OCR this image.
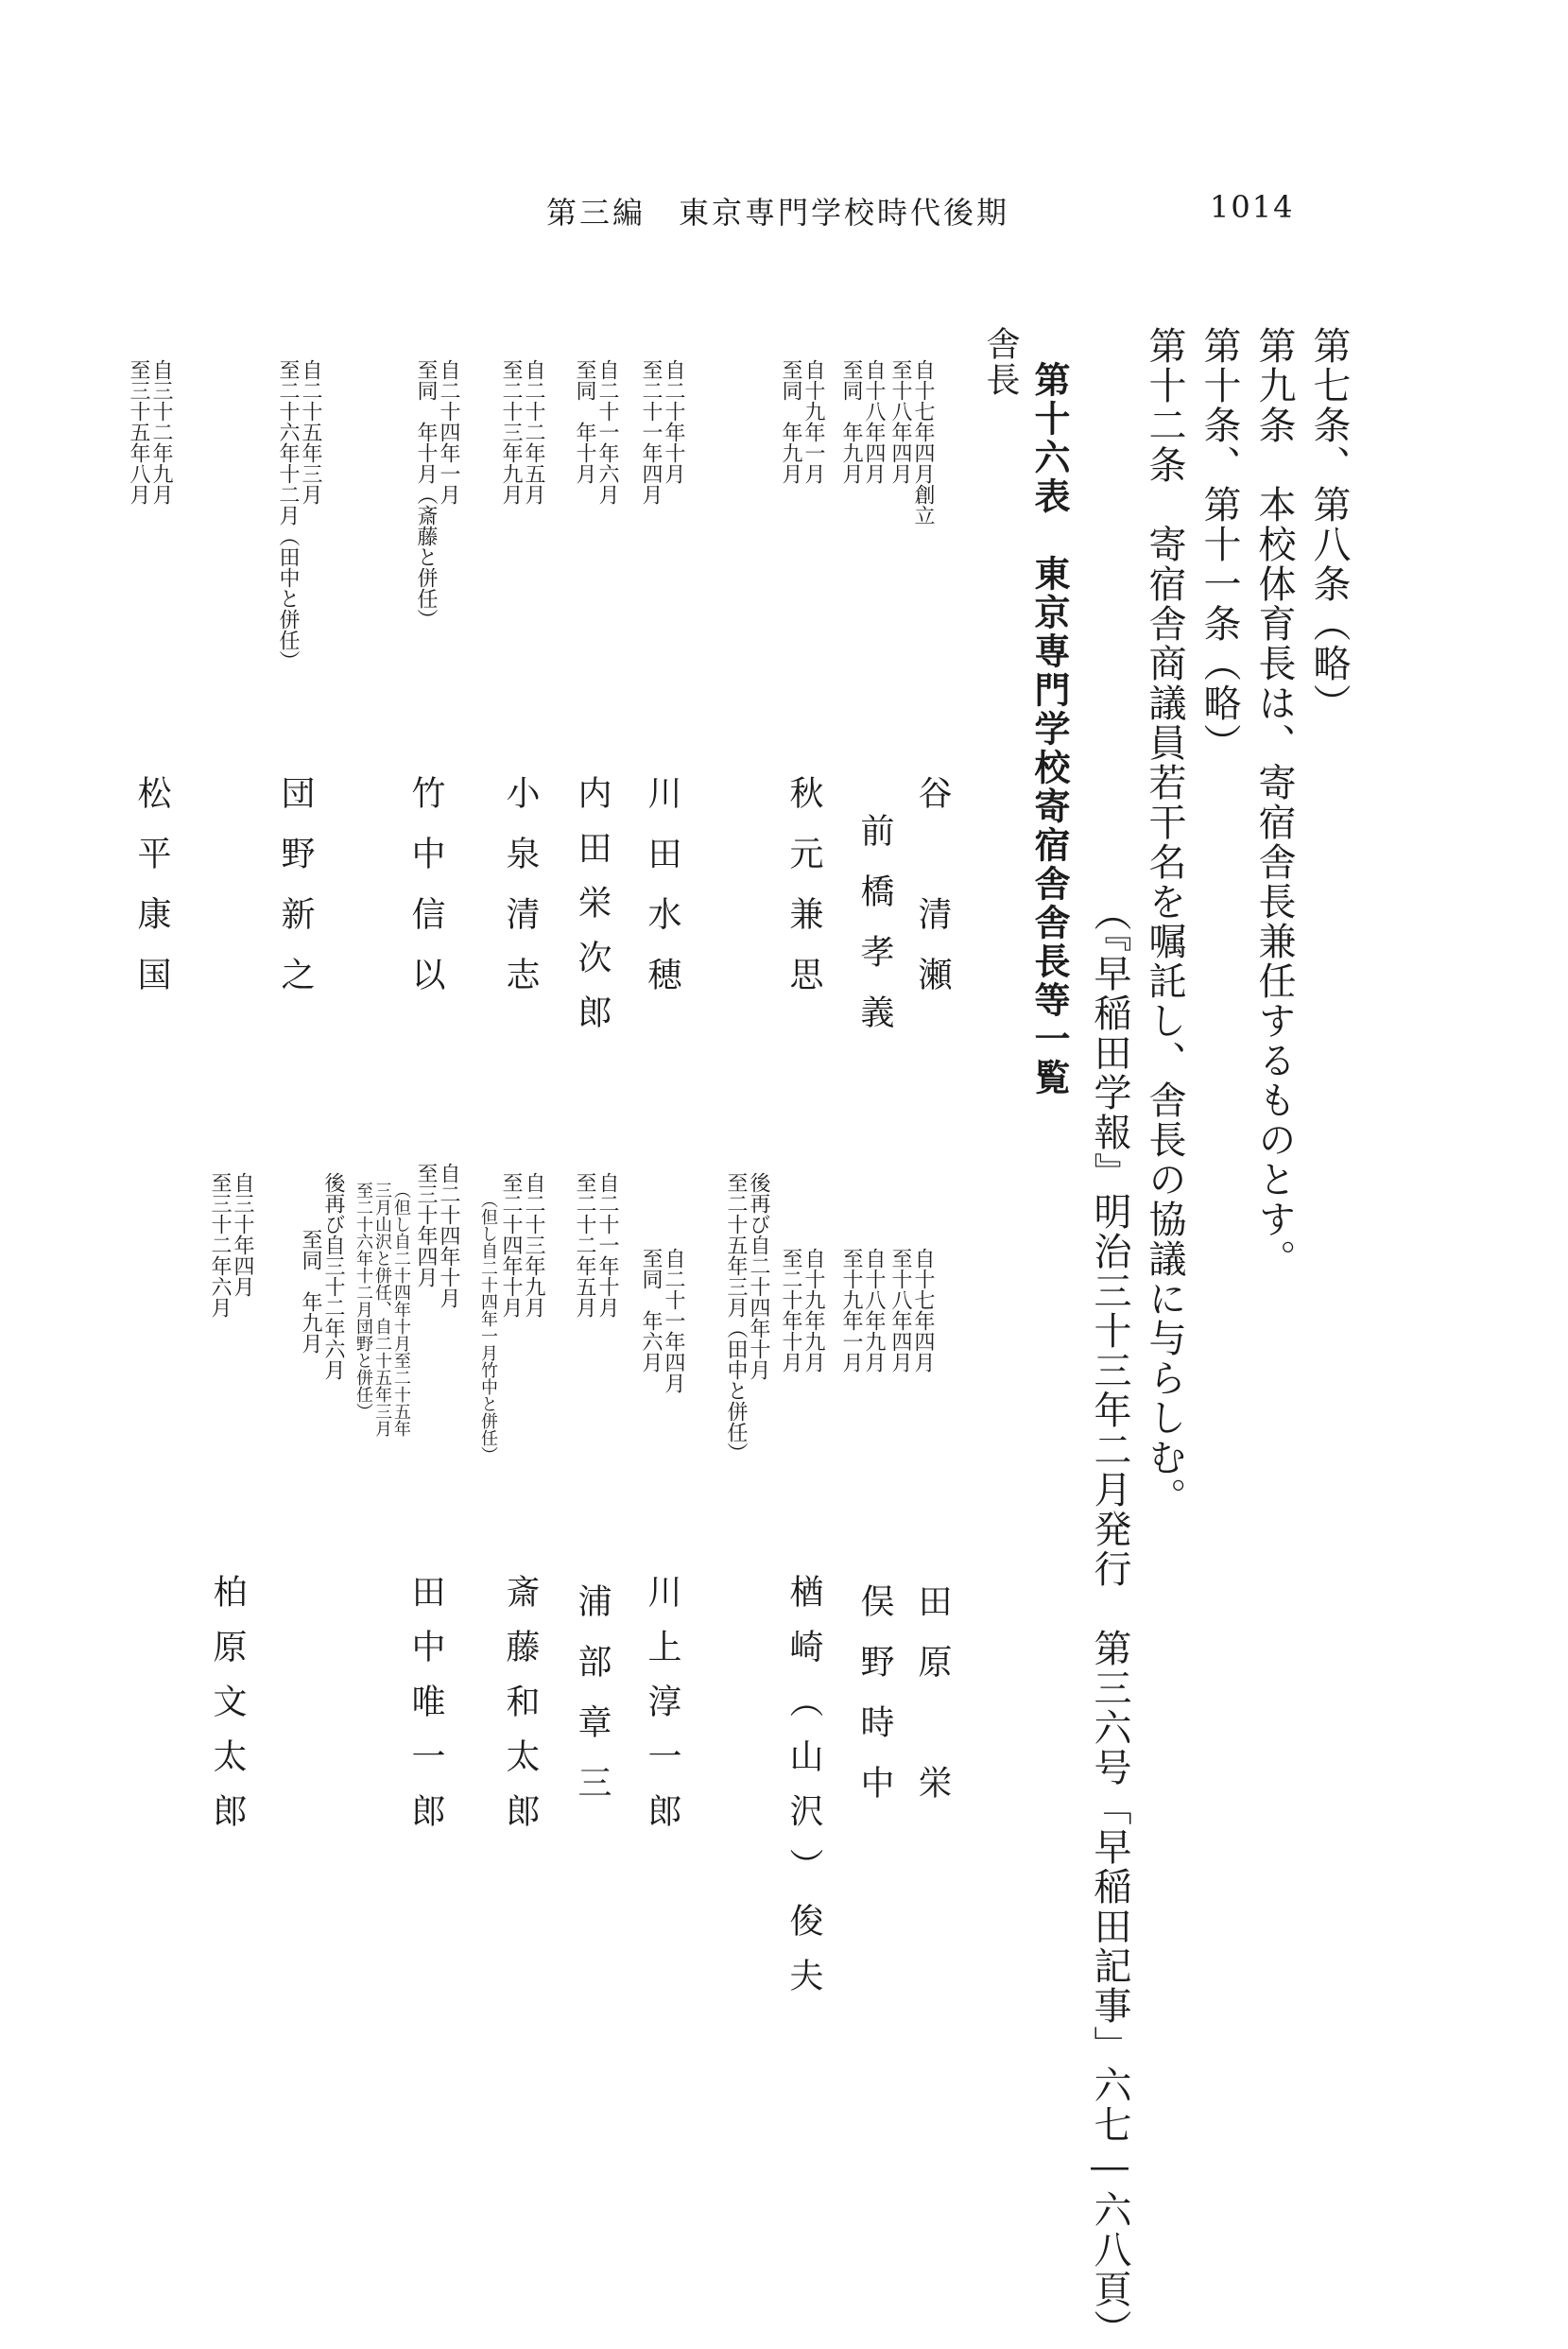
第三編　東京専門学校時代後期	1014
第七条、第八条（略）
第九条　本校体育長は、寄宿舎長兼任するものとす。
第十条、第十一条（略）
第十二条　寄宿舎商議員若干名を嘱託し、舎長の協議に与らしむ。
（『早稲田学報』明治三十三年二月発行　第三六号「早稲田記事」六七―六八頁）
第十六表　東京専門学校寄宿舎舎長等一覧
舎長
自十七年四月創立
至十八年四月
谷　清瀬
自十七年四月
至十八年四月
田原　栄
自十八年四月
至同　年九月
前橋孝義
自十八年九月
至十九年一月
俣野時中
自十九年一月
至同　年九月
秋元兼思
自十九年九月
至二十年十月
後再び自二十四年十月
至二十五年三月（田中と併任）
楢崎（山沢）俊夫
自二十年十月
至二十一年四月
川田水穂
自二十一年四月
至同　年六月
川上淳一郎
自二十一年六月
至同　年十月
内田栄次郎
自二十一年十月
至二十二年五月
浦部章三
自二十二年五月
至二十三年九月
小泉清志
自二十三年九月
至二十四年十月
（但し自二十四年一月竹中と併任）
斎藤和太郎
自二十四年一月
至同　年十月（斎藤と併任）
竹中信以
自二十四年十月
至三十年四月
（但し自二十四年十月至二十五年
三月山沢と併任、自二十五年三月
至二十六年十二月団野と併任）
田中唯一郎
自二十五年三月
至二十六年十二月（田中と併任）
団野新之
後再び自三十二年六月
至同　年九月
自三十二年九月
至三十五年八月
松平康国
自三十年四月
至三十二年六月
柏原文太郎
